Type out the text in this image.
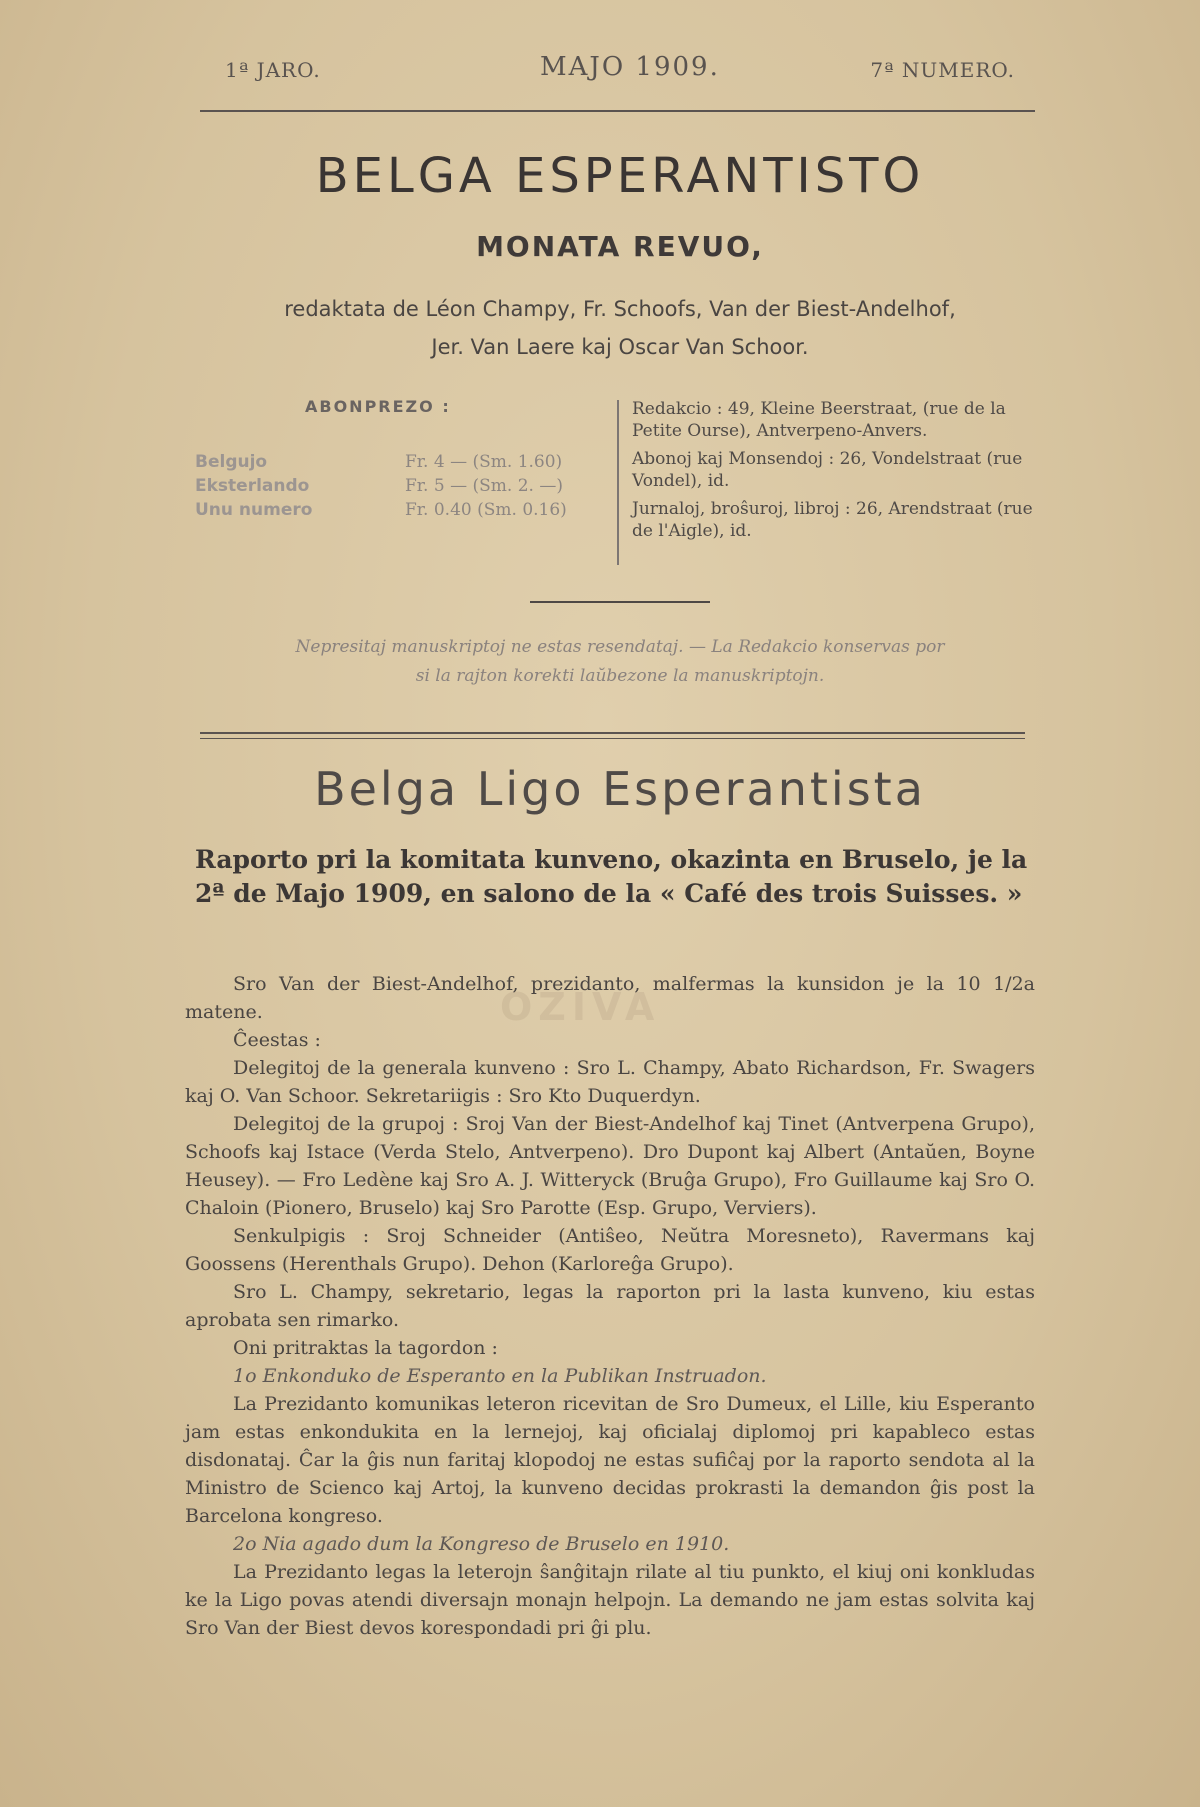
1ª JARO.	MAJO 1909.	7ª NUMERO.
BELGA ESPERANTISTO
MONATA REVUO,
redaktata de Léon Champy, Fr. Schoofs, Van der Biest-Andelhof,
Jer. Van Laere kaj Oscar Van Schoor.
ABONPREZO :
Belgujo	Fr. 4 — (Sm. 1.60)
Eksterlando	Fr. 5 — (Sm. 2. —)
Unu numero	Fr. 0.40 (Sm. 0.16)
Redakcio : 49, Kleine Beerstraat, (rue de la Petite Ourse), Antverpeno-Anvers.
Abonoj kaj Monsendoj : 26, Vondelstraat (rue Vondel), id.
Jurnaloj, broŝuroj, libroj : 26, Arendstraat (rue de l'Aigle), id.
Nepresitaj manuskriptoj ne estas resendataj. — La Redakcio konservas por
si la rajton korekti laŭbezone la manuskriptojn.
Belga Ligo Esperantista
Raporto pri la komitata kunveno, okazinta en Bruselo, je la 2ª de Majo 1909, en salono de la « Café des trois Suisses. »
OZIVA

Sro Van der Biest-Andelhof, prezidanto, malfermas la kunsidon je la 10 1/2a matene.

Ĉeestas :

Delegitoj de la generala kunveno : Sro L. Champy, Abato Richardson, Fr. Swagers kaj O. Van Schoor. Sekretariigis : Sro Kto Duquerdyn.

Delegitoj de la grupoj : Sroj Van der Biest-Andelhof kaj Tinet (Antverpena Grupo), Schoofs kaj Istace (Verda Stelo, Antverpeno). Dro Dupont kaj Albert (Antaŭen, Boyne Heusey). — Fro Ledène kaj Sro A. J. Witteryck (Bruĝa Grupo), Fro Guillaume kaj Sro O. Chaloin (Pionero, Bruselo) kaj Sro Parotte (Esp. Grupo, Verviers).

Senkulpigis : Sroj Schneider (Antiŝeo, Neŭtra Moresneto), Ravermans kaj Goossens (Herenthals Grupo). Dehon (Karloreĝa Grupo).

Sro L. Champy, sekretario, legas la raporton pri la lasta kunveno, kiu estas aprobata sen rimarko.

Oni pritraktas la tagordon :

1o Enkonduko de Esperanto en la Publikan Instruadon.

La Prezidanto komunikas leteron ricevitan de Sro Dumeux, el Lille, kiu Esperanto jam estas enkondukita en la lernejoj, kaj oficialaj diplomoj pri kapableco estas disdonataj. Ĉar la ĝis nun faritaj klopodoj ne estas sufiĉaj por la raporto sendota al la Ministro de Scienco kaj Artoj, la kunveno decidas prokrasti la demandon ĝis post la Barcelona kongreso.

2o Nia agado dum la Kongreso de Bruselo en 1910.

La Prezidanto legas la leterojn ŝanĝitajn rilate al tiu punkto, el kiuj oni konkludas ke la Ligo povas atendi diversajn monajn helpojn. La demando ne jam estas solvita kaj Sro Van der Biest devos korespondadi pri ĝi plu.
